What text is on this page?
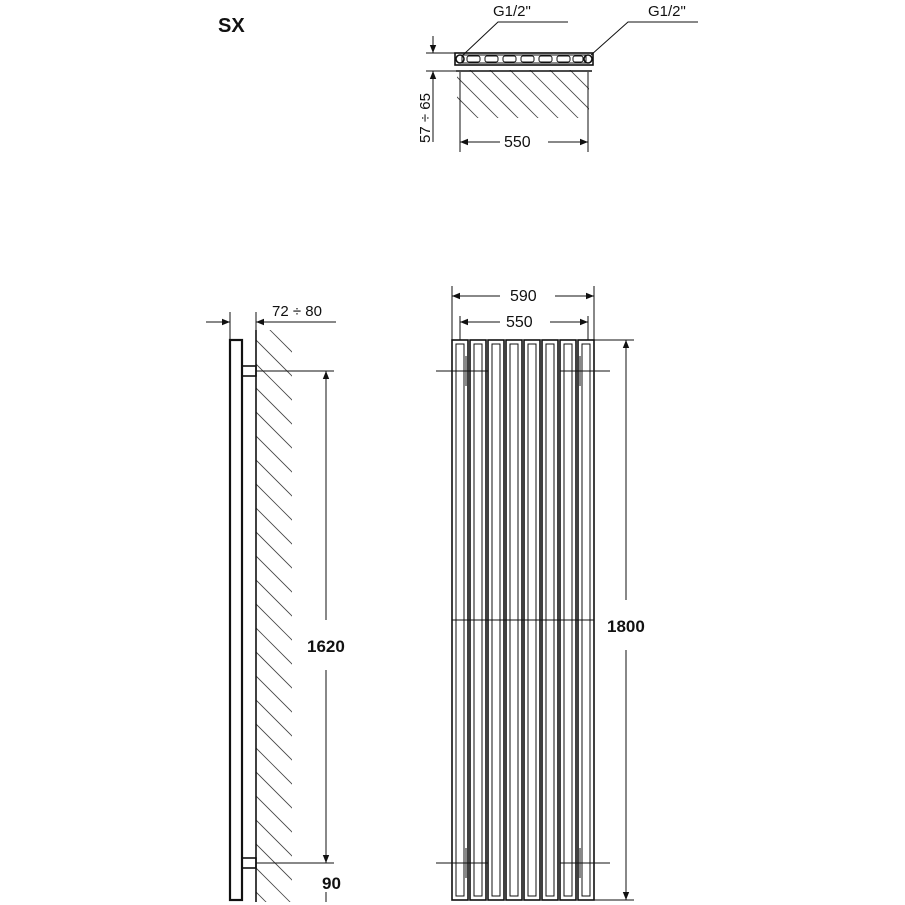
SX
G1/2"	G1/2"
57 ÷ 65	550
72 ÷ 80
1620
90
590
550
1800
